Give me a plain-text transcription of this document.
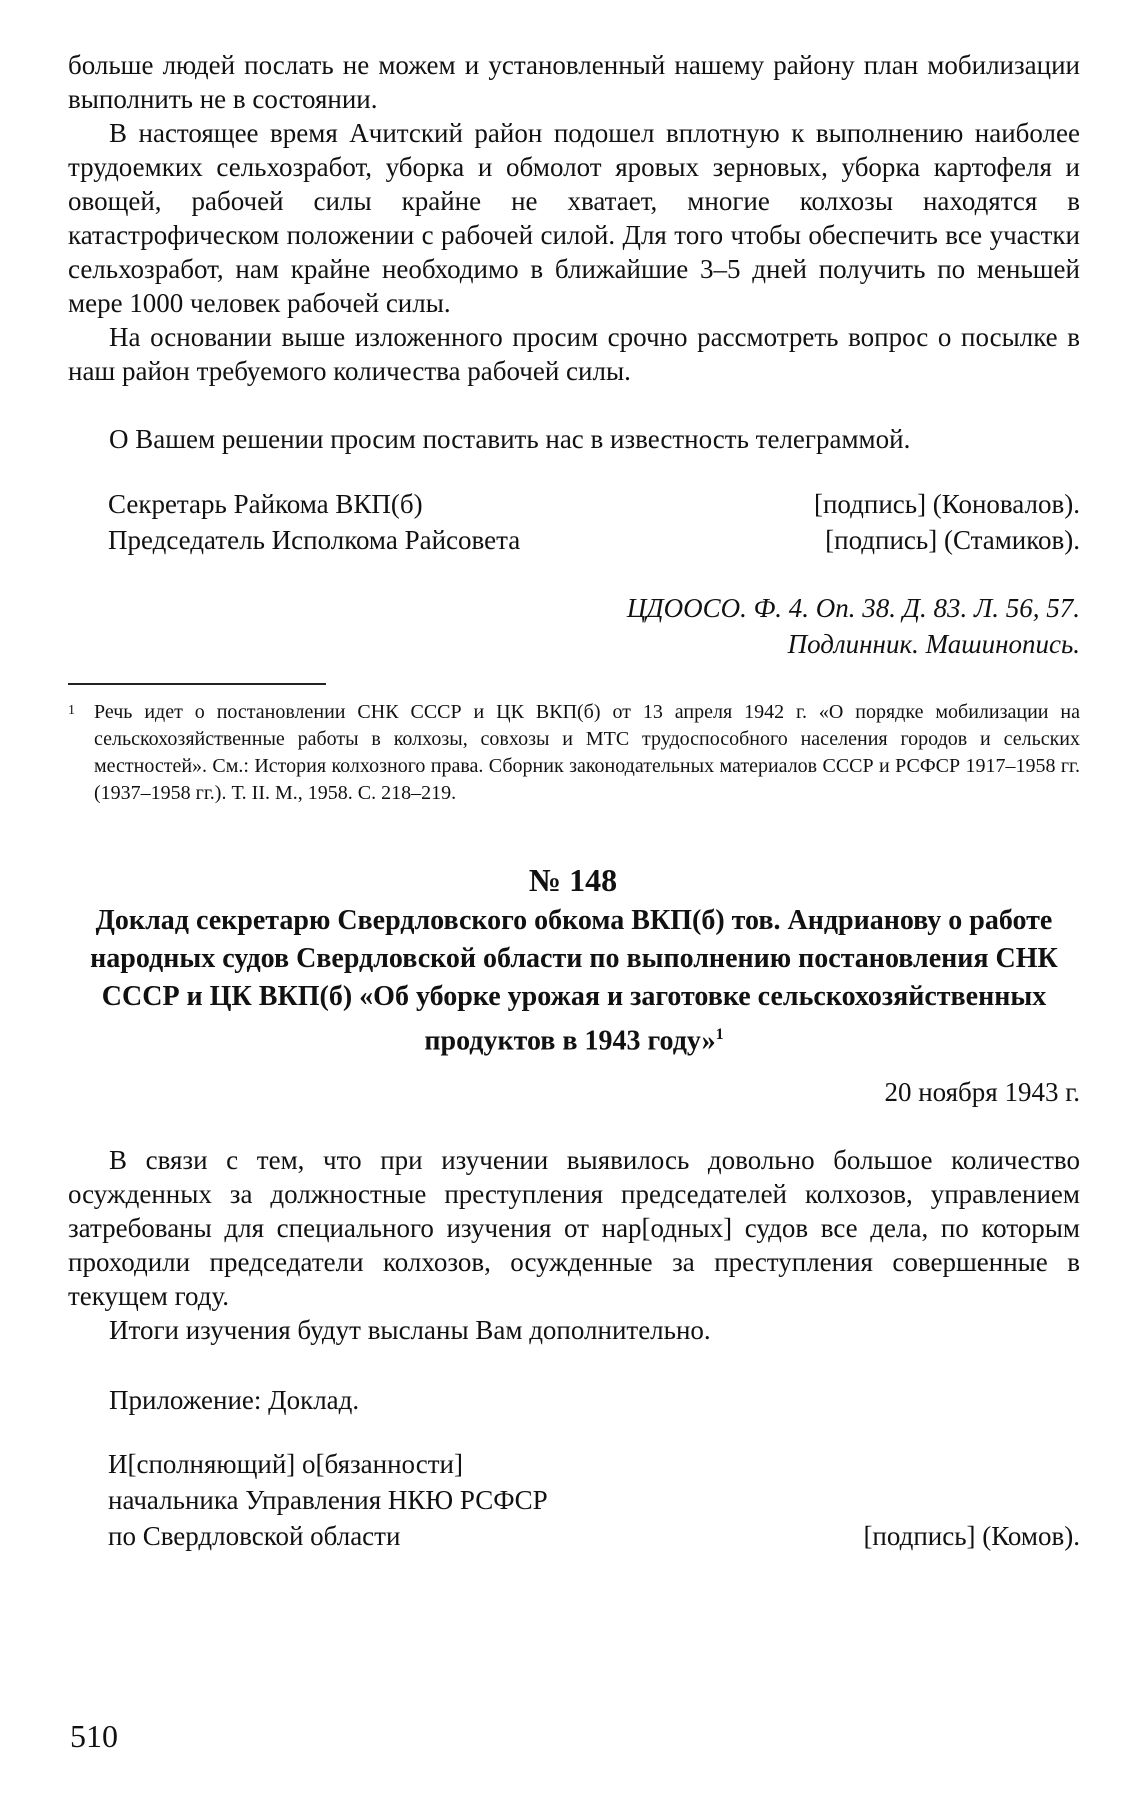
больше людей послать не можем и установленный нашему району план мобилизации выполнить не в состоянии.

В настоящее время Ачитский район подошел вплотную к выполнению наиболее трудоемких сельхозработ, уборка и обмолот яровых зерновых, уборка картофеля и овощей, рабочей силы крайне не хватает, многие колхозы находятся в катастрофическом положении с рабочей силой. Для того чтобы обеспечить все участки сельхозработ, нам крайне необходимо в ближайшие 3–5 дней получить по меньшей мере 1000 человек рабочей силы.

На основании выше изложенного просим срочно рассмотреть вопрос о посылке в наш район требуемого количества рабочей силы.

О Вашем решении просим поставить нас в известность телеграммой.

Секретарь Райкома ВКП(б)	[подпись] (Коновалов).
Председатель Исполкома Райсовета	[подпись] (Стамиков).
ЦДООСО. Ф. 4. Оп. 38. Д. 83. Л. 56, 57.
Подлинник. Машинопись.
1 Речь идет о постановлении СНК СССР и ЦК ВКП(б) от 13 апреля 1942 г. «О порядке мобилизации на сельскохозяйственные работы в колхозы, совхозы и МТС трудоспособного населения городов и сельских местностей». См.: История колхозного права. Сборник законодательных материалов СССР и РСФСР 1917–1958 гг. (1937–1958 гг.). Т. II. М., 1958. С. 218–219.
№ 148
Доклад секретарю Свердловского обкома ВКП(б) тов. Андрианову о работе народных судов Свердловской области по выполнению постановления СНК СССР и ЦК ВКП(б) «Об уборке урожая и заготовке сельскохозяйственных продуктов в 1943 году»$^1$
20 ноября 1943 г.

В связи с тем, что при изучении выявилось довольно большое количество осужденных за должностные преступления председателей колхозов, управлением затребованы для специального изучения от нар[одных] судов все дела, по которым проходили председатели колхозов, осужденные за преступления совершенные в текущем году.

Итоги изучения будут высланы Вам дополнительно.

Приложение: Доклад.

И[сполняющий] о[бязанности]
начальника Управления НКЮ РСФСР
по Свердловской области	[подпись] (Комов).
510
